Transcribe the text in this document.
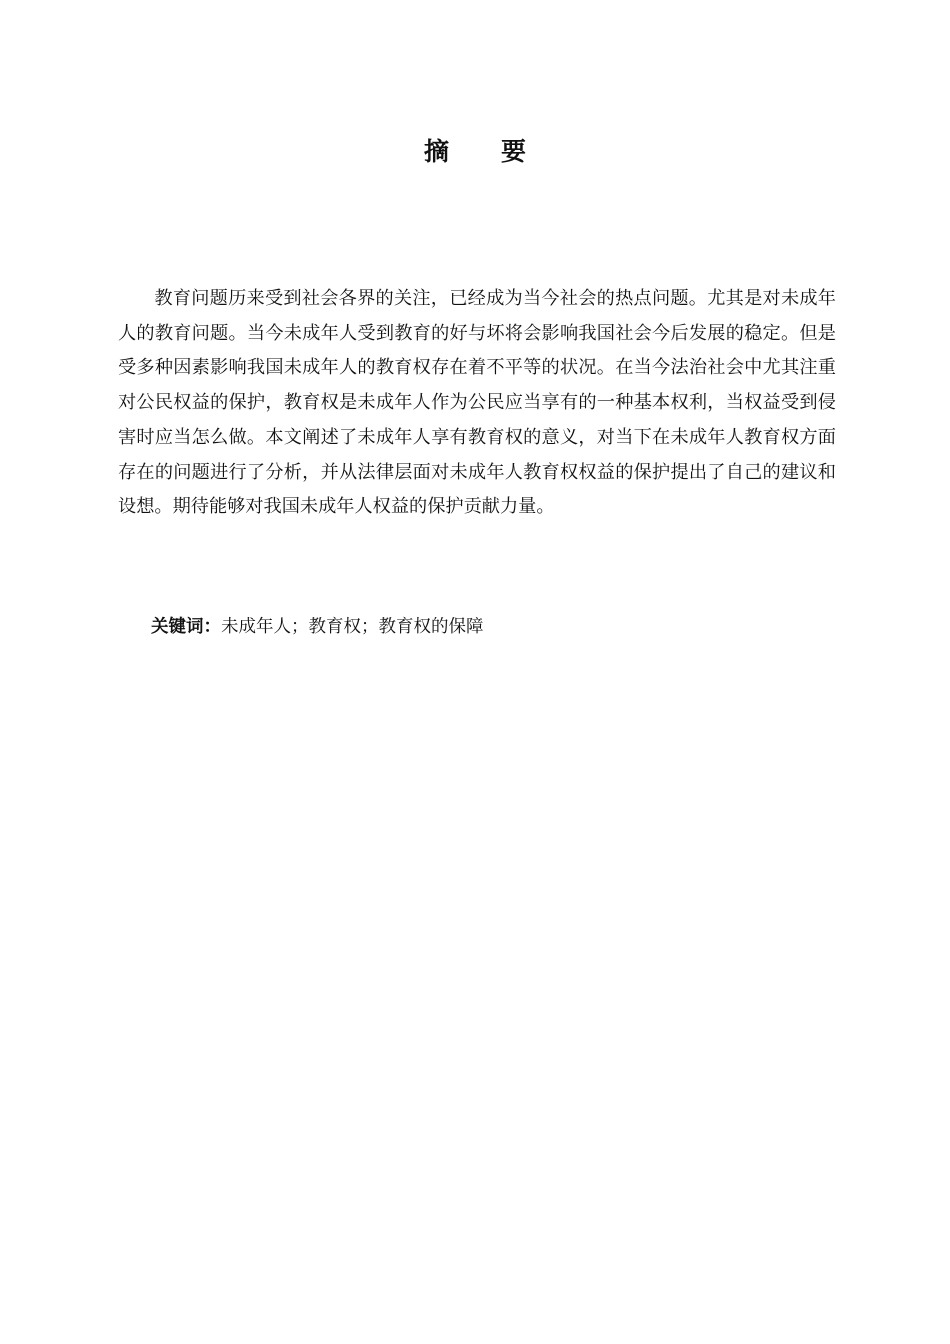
摘 要

教育问题历来受到社会各界的关注，已经成为当今社会的热点问题。尤其是对未成年人的教育问题。当今未成年人受到教育的好与坏将会影响我国社会今后发展的稳定。但是受多种因素影响我国未成年人的教育权存在着不平等的状况。在当今法治社会中尤其注重对公民权益的保护，教育权是未成年人作为公民应当享有的一种基本权利，当权益受到侵害时应当怎么做。本文阐述了未成年人享有教育权的意义，对当下在未成年人教育权方面存在的问题进行了分析，并从法律层面对未成年人教育权权益的保护提出了自己的建议和设想。期待能够对我国未成年人权益的保护贡献力量。

关键词：未成年人；教育权；教育权的保障
